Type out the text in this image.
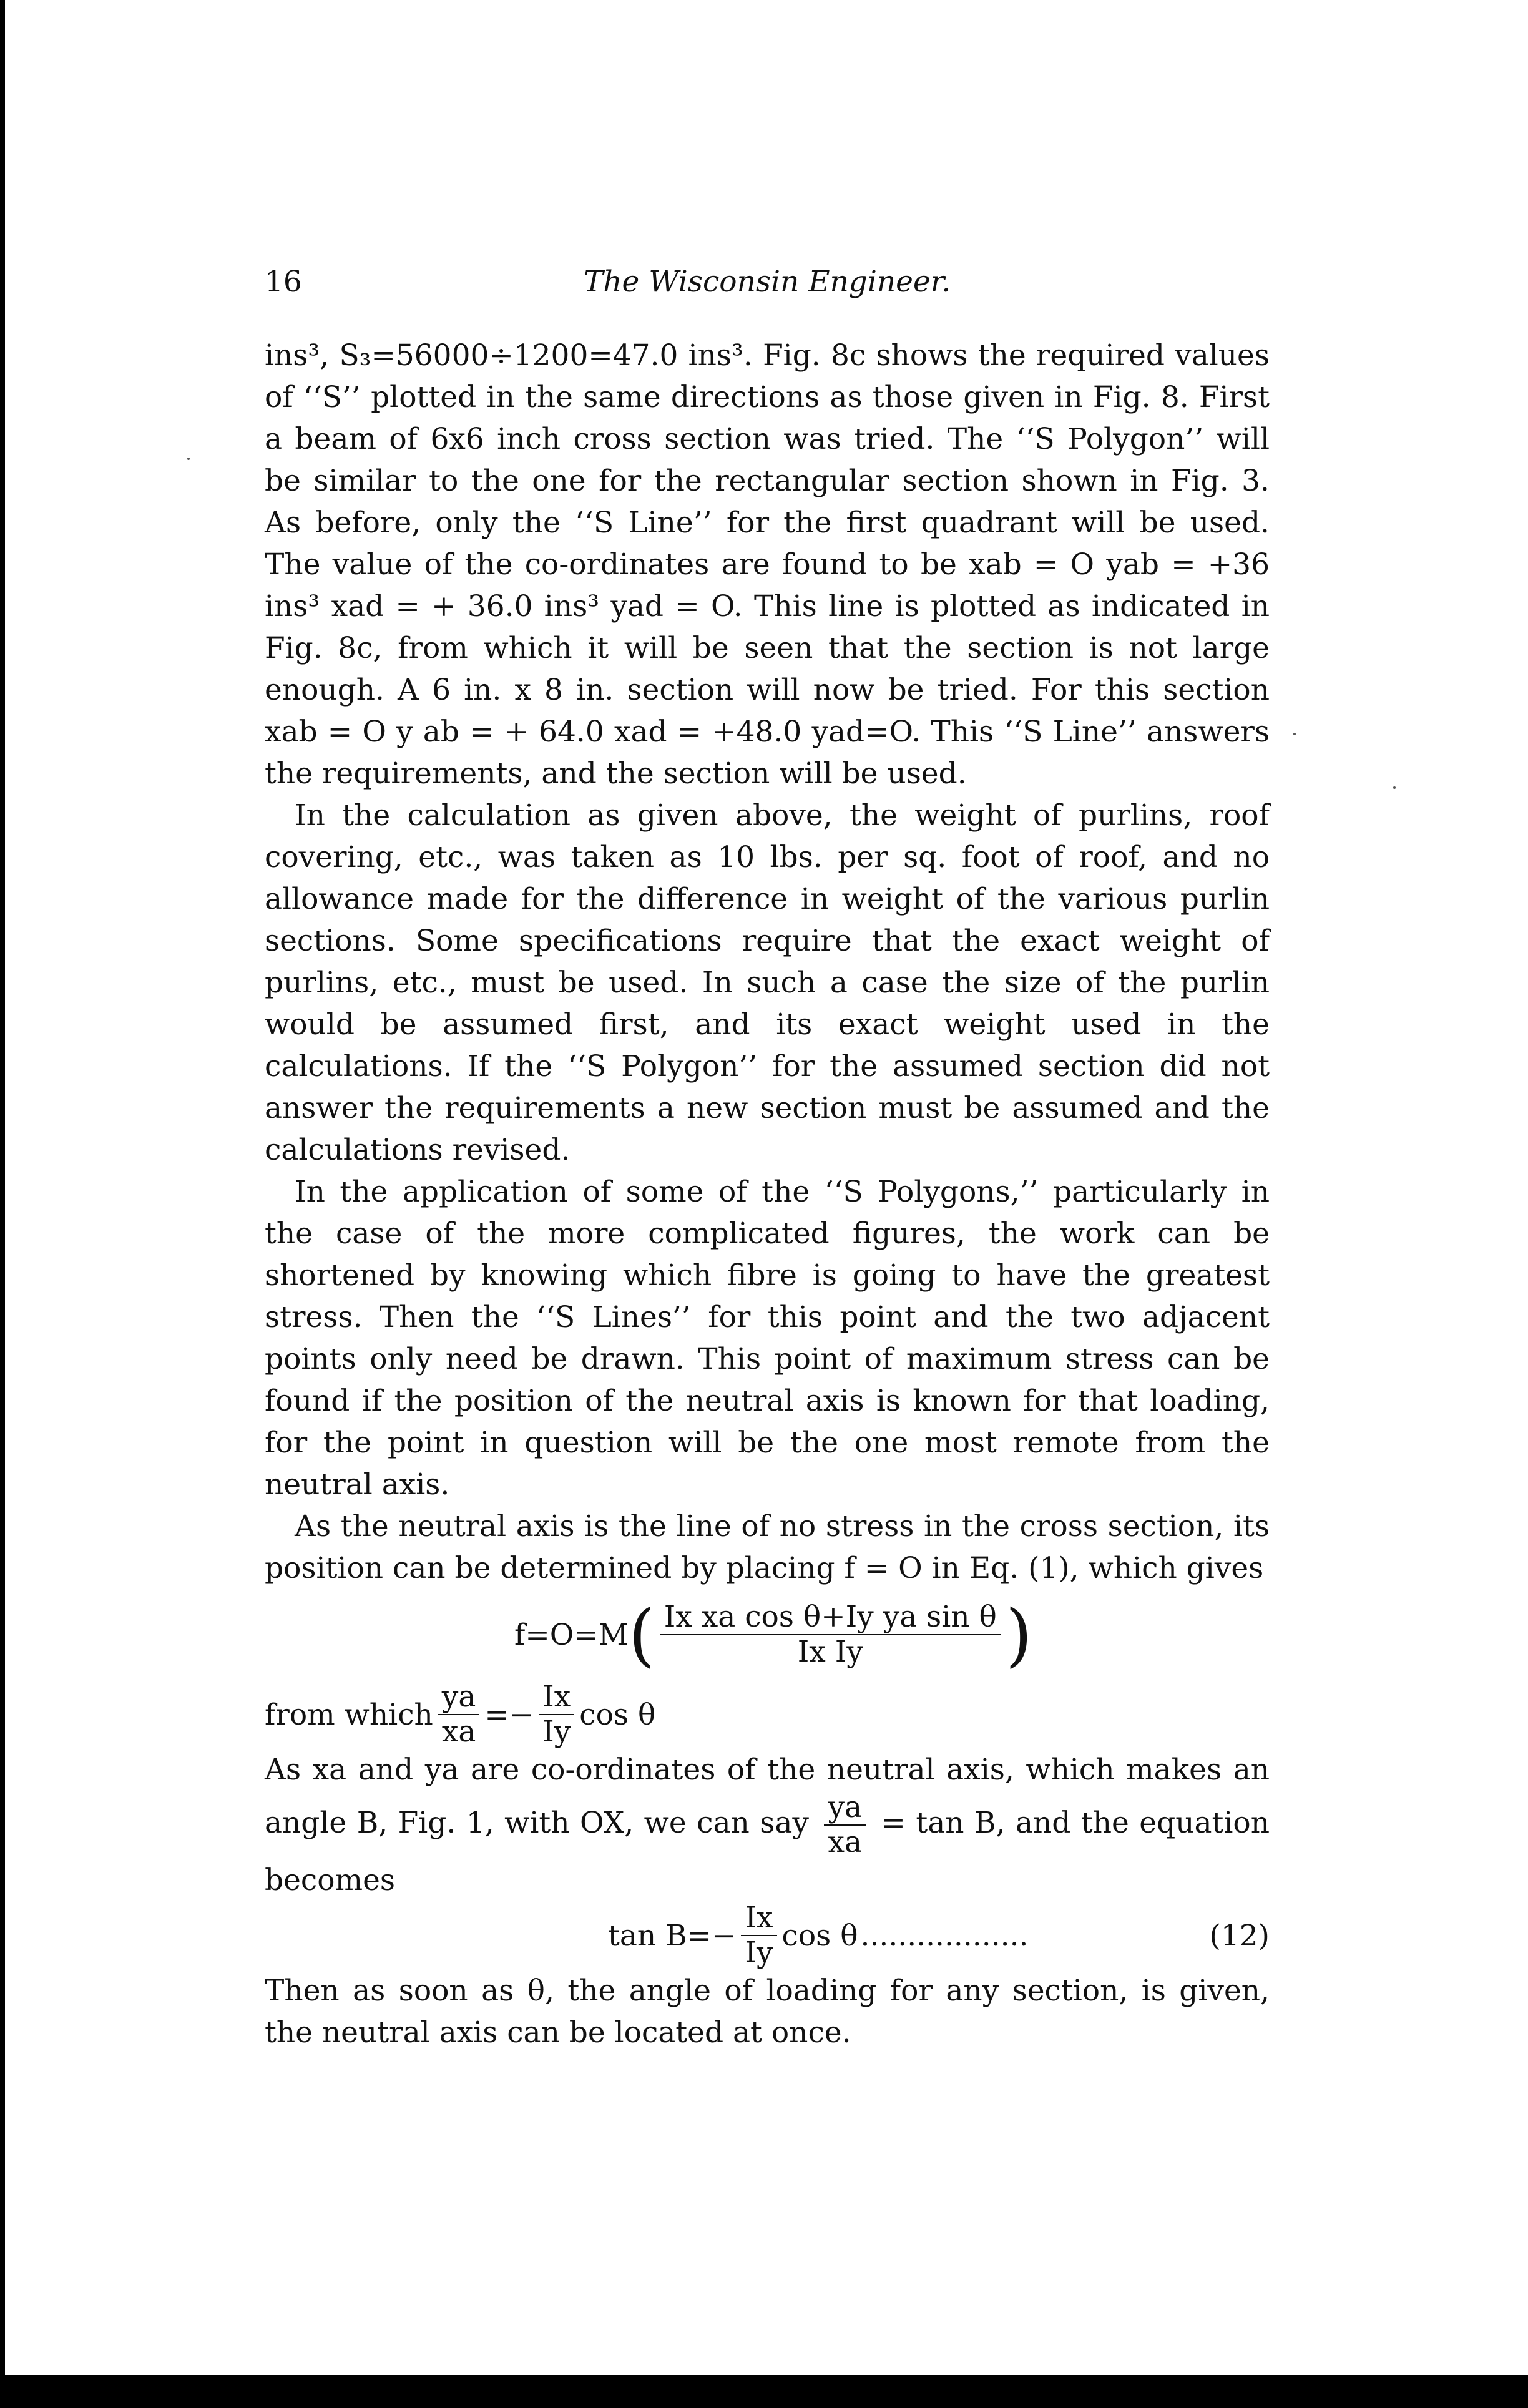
16	The Wisconsin Engineer.

ins³, S₃=56000÷1200=47.0 ins³. Fig. 8c shows the required values of ‘‘S’’ plotted in the same directions as those given in Fig. 8. First a beam of 6x6 inch cross section was tried. The ‘‘S Polygon’’ will be similar to the one for the rectangular section shown in Fig. 3. As before, only the ‘‘S Line’’ for the first quadrant will be used. The value of the co-ordinates are found to be xab = O yab = +36 ins³ xad = + 36.0 ins³ yad = O. This line is plotted as indicated in Fig. 8c, from which it will be seen that the section is not large enough. A 6 in. x 8 in. section will now be tried. For this section xab = O y ab = + 64.0 xad = +48.0 yad=O. This ‘‘S Line’’ answers the requirements, and the section will be used.

In the calculation as given above, the weight of purlins, roof covering, etc., was taken as 10 lbs. per sq. foot of roof, and no allowance made for the difference in weight of the various purlin sections. Some specifications require that the exact weight of purlins, etc., must be used. In such a case the size of the purlin would be assumed first, and its exact weight used in the calculations. If the ‘‘S Polygon’’ for the assumed section did not answer the requirements a new section must be assumed and the calculations revised.

In the application of some of the ‘‘S Polygons,’’ particularly in the case of the more complicated figures, the work can be shortened by knowing which fibre is going to have the greatest stress. Then the ‘‘S Lines’’ for this point and the two adjacent points only need be drawn. This point of maximum stress can be found if the position of the neutral axis is known for that loading, for the point in question will be the one most remote from the neutral axis.

As the neutral axis is the line of no stress in the cross section, its position can be determined by placing f = O in Eq. (1), which gives

f=O=M ( $\frac{\text{Ix xa cos θ+Iy ya sin θ}}{\text{Ix Iy}}$ )
from which $\frac{ya}{xa} =- \frac{Ix}{Iy}$ cos θ

As xa and ya are co-ordinates of the neutral axis, which makes an angle B, Fig. 1, with OX, we can say $\frac{ya}{xa} = \tan B$, and the equation becomes

$\tan B=- \frac{Ix}{Iy}$ cos θ ..................	(12)

Then as soon as θ, the angle of loading for any section, is given, the neutral axis can be located at once.
